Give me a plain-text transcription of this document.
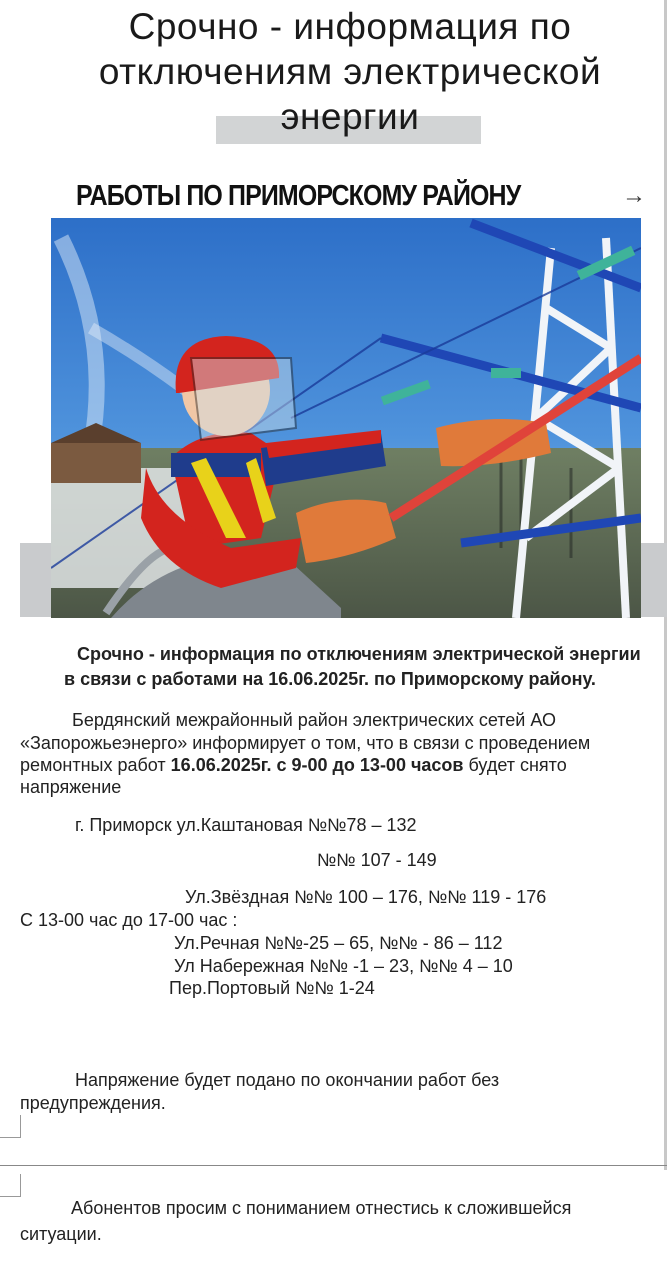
Срочно - информация по отключениям электрической энергии
РАБОТЫ ПО ПРИМОРСКОМУ РАЙОНУ	→
Срочно - информация по отключениям электрической энергии
в связи с работами на 16.06.2025г. по Приморскому району.
Бердянский межрайонный район электрических сетей АО
«Запорожьеэнерго» информирует о том, что в связи с проведением
ремонтных работ 16.06.2025г. с 9-00 до 13-00 часов будет снято
напряжение
г. Приморск ул.Каштановая №№78 – 132
№№ 107 - 149
Ул.Звёздная №№ 100 – 176, №№ 119 - 176
С 13-00 час до 17-00 час :
Ул.Речная №№-25 – 65, №№ - 86 – 112
Ул Набережная №№ -1 – 23, №№ 4 – 10
Пер.Портовый №№ 1-24
Напряжение будет подано по окончании работ без
предупреждения.
Абонентов просим с пониманием отнестись к сложившейся
ситуации.
